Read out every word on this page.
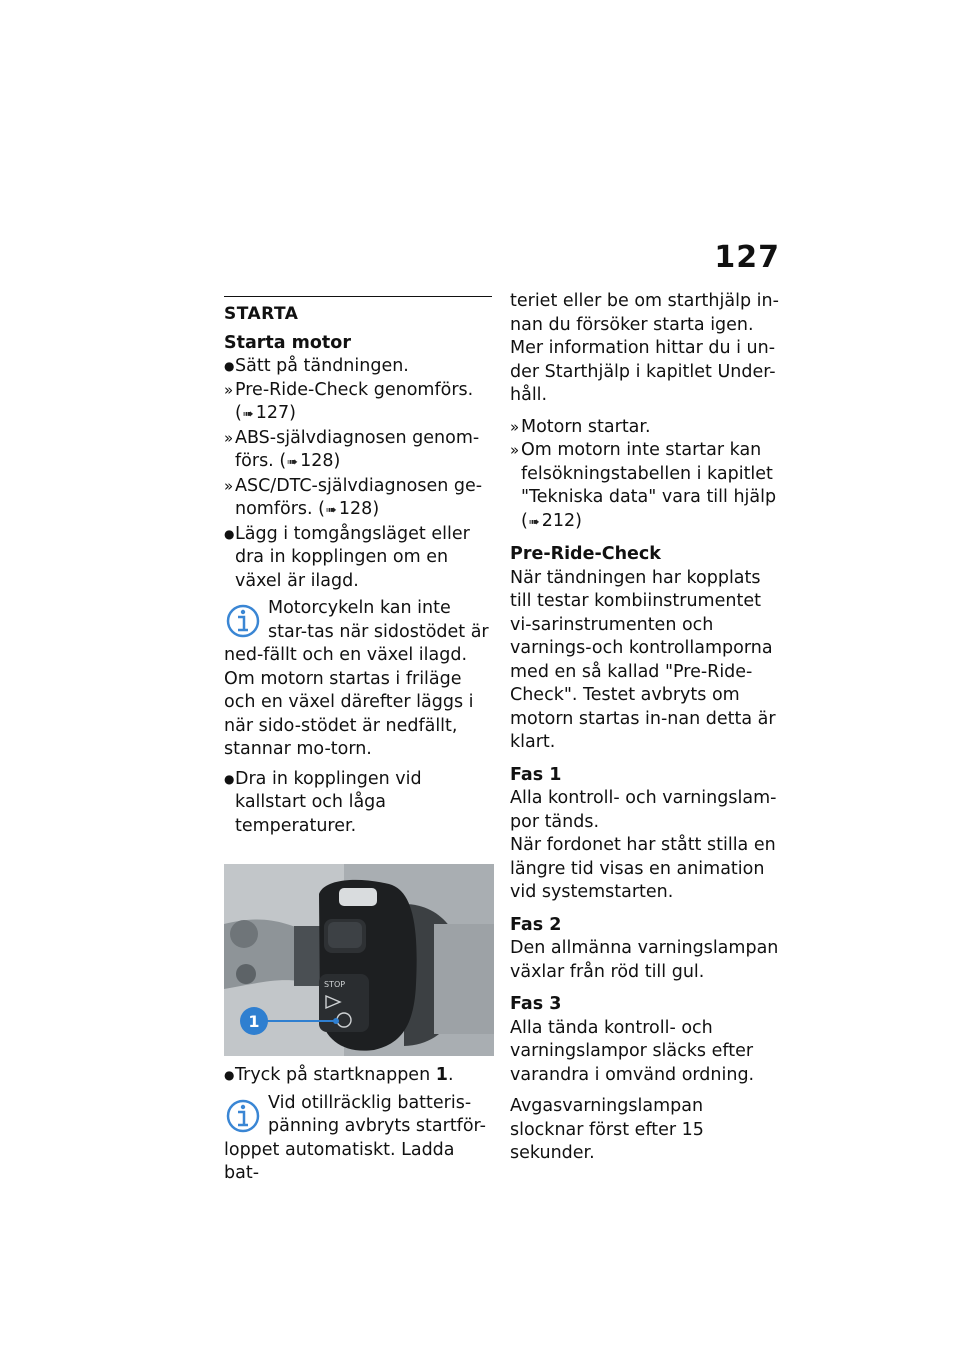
127
STARTA
Starta motor
● Sätt på tändningen.
» Pre-Ride-Check genomförs.
(➠ 127)
» ABS-självdiagnosen genom-förs. (➠ 128)
» ASC/DTC-självdiagnosen ge-nomförs. (➠ 128)
● Lägg i tomgångsläget eller dra in kopplingen om en växel är ilagd.

Motorcykeln kan inte star-tas när sidostödet är ned-fällt och en växel ilagd. Om motorn startas i friläge och en växel därefter läggs i när sido-stödet är nedfällt, stannar mo-torn.

● Dra in kopplingen vid kallstart och låga temperaturer.
STOP
1
● Tryck på startknappen 1.

Vid otillräcklig batteris-pänning avbryts startför-loppet automatiskt. Ladda bat-

teriet eller be om starthjälp in-nan du försöker starta igen. Mer information hittar du i un-der Starthjälp i kapitlet Under-håll.

» Motorn startar.
» Om motorn inte startar kan felsökningstabellen i kapitlet "Tekniska data" vara till hjälp
(➠ 212)
Pre-Ride-Check

När tändningen har kopplats till testar kombiinstrumentet vi-sarinstrumenten och varnings-och kontrollamporna med en så kallad "Pre-Ride-Check". Testet avbryts om motorn startas in-nan detta är klart.

Fas 1

Alla kontroll- och varningslam-por tänds.

När fordonet har stått stilla en längre tid visas en animation vid systemstarten.

Fas 2

Den allmänna varningslampan växlar från röd till gul.

Fas 3

Alla tända kontroll- och varningslampor släcks efter varandra i omvänd ordning.

Avgasvarningslampan slocknar först efter 15 sekunder.
